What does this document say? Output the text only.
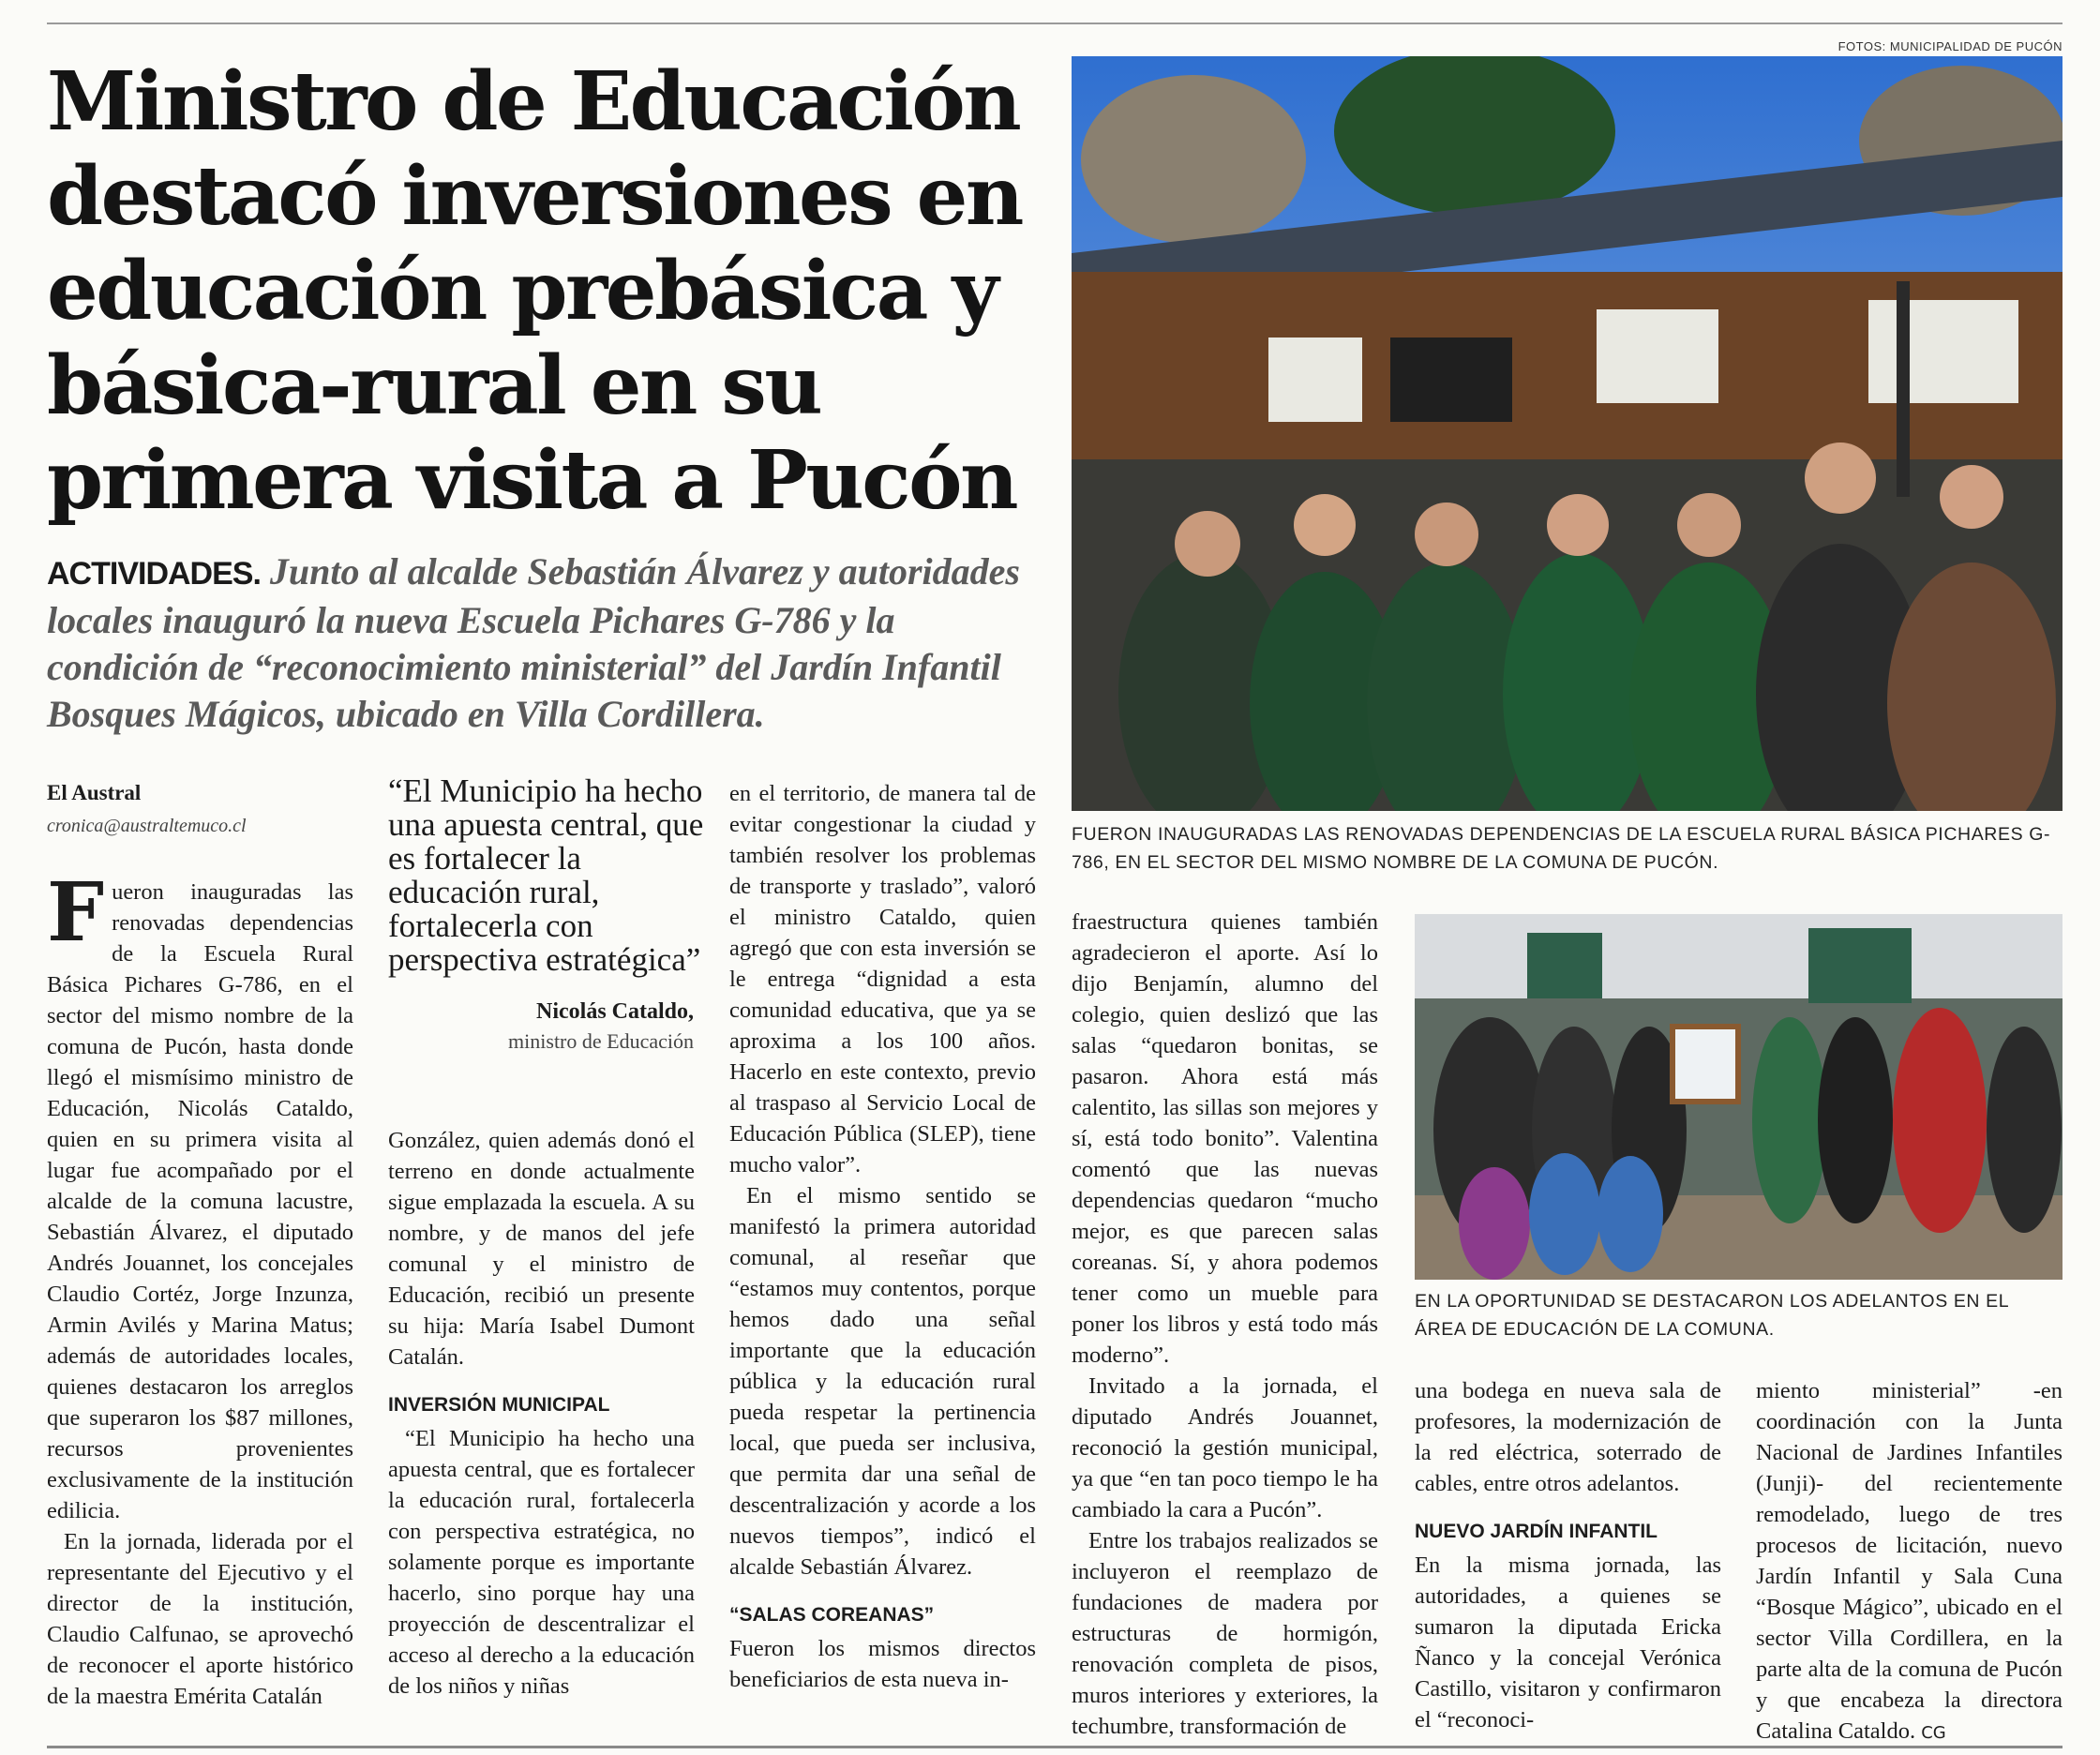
Ministro de Educación destacó inversiones en educación prebásica y básica-rural en su primera visita a Pucón

ACTIVIDADES. Junto al alcalde Sebastián Álvarez y autoridades locales inauguró la nueva Escuela Pichares G-786 y la condición de “reconocimiento ministerial” del Jardín Infantil Bosques Mágicos, ubicado en Villa Cordillera.

El Austral
cronica@australtemuco.cl
F ueron inauguradas las renovadas dependencias de la Escuela Rural Básica Pichares G-786, en el sector del mismo nombre de la comuna de Pucón, hasta donde llegó el mismísimo ministro de Educación, Nicolás Cataldo, quien en su primera visita al lugar fue acompañado por el alcalde de la comuna lacustre, Sebastián Álvarez, el diputado Andrés Jouannet, los concejales Claudio Cortéz, Jorge Inzunza, Armin Avilés y Marina Matus; además de autoridades locales, quienes destacaron los arreglos que superaron los $87 millones, recursos provenientes exclusivamente de la institución edilicia.

En la jornada, liderada por el representante del Ejecutivo y el director de la institución, Claudio Calfunao, se aprovechó de reconocer el aporte histórico de la maestra Emérita Catalán

“El Municipio ha hecho una apuesta central, que es fortalecer la educación rural, fortalecerla con perspectiva estratégica”
Nicolás Cataldo,
ministro de Educación

González, quien además donó el terreno en donde actualmente sigue emplazada la escuela. A su nombre, y de manos del jefe comunal y el ministro de Educación, recibió un presente su hija: María Isabel Dumont Catalán.

INVERSIÓN MUNICIPAL

“El Municipio ha hecho una apuesta central, que es fortalecer la educación rural, fortalecerla con perspectiva estratégica, no solamente porque es importante hacerlo, sino porque hay una proyección de descentralizar el acceso al derecho a la educación de los niños y niñas

en el territorio, de manera tal de evitar congestionar la ciudad y también resolver los problemas de transporte y traslado”, valoró el ministro Cataldo, quien agregó que con esta inversión se le entrega “dignidad a esta comunidad educativa, que ya se aproxima a los 100 años. Hacerlo en este contexto, previo al traspaso al Servicio Local de Educación Pública (SLEP), tiene mucho valor”.

En el mismo sentido se manifestó la primera autoridad comunal, al reseñar que “estamos muy contentos, porque hemos dado una señal importante que la educación pública y la educación rural pueda respetar la pertinencia local, que pueda ser inclusiva, que permita dar una señal de descentralización y acorde a los nuevos tiempos”, indicó el alcalde Sebastián Álvarez.

“SALAS COREANAS”

Fueron los mismos directos beneficiarios de esta nueva in-

FOTOS: MUNICIPALIDAD DE PUCÓN
FUERON INAUGURADAS LAS RENOVADAS DEPENDENCIAS DE LA ESCUELA RURAL BÁSICA PICHARES G-786, EN EL SECTOR DEL MISMO NOMBRE DE LA COMUNA DE PUCÓN.

fraestructura quienes también agradecieron el aporte. Así lo dijo Benjamín, alumno del colegio, quien deslizó que las salas “quedaron bonitas, se pasaron. Ahora está más calentito, las sillas son mejores y sí, está todo bonito”. Valentina comentó que las nuevas dependencias quedaron “mucho mejor, es que parecen salas coreanas. Sí, y ahora podemos tener como un mueble para poner los libros y está todo más moderno”.

Invitado a la jornada, el diputado Andrés Jouannet, reconoció la gestión municipal, ya que “en tan poco tiempo le ha cambiado la cara a Pucón”.

Entre los trabajos realizados se incluyeron el reemplazo de fundaciones de madera por estructuras de hormigón, renovación completa de pisos, muros interiores y exteriores, la techumbre, transformación de

EN LA OPORTUNIDAD SE DESTACARON LOS ADELANTOS EN EL ÁREA DE EDUCACIÓN DE LA COMUNA.

una bodega en nueva sala de profesores, la modernización de la red eléctrica, soterrado de cables, entre otros adelantos.

NUEVO JARDÍN INFANTIL

En la misma jornada, las autoridades, a quienes se sumaron la diputada Ericka Ñanco y la concejal Verónica Castillo, visitaron y confirmaron el “reconoci-

miento ministerial” -en coordinación con la Junta Nacional de Jardines Infantiles (Junji)- del recientemente remodelado, luego de tres procesos de licitación, nuevo Jardín Infantil y Sala Cuna “Bosque Mágico”, ubicado en el sector Villa Cordillera, en la parte alta de la comuna de Pucón y que encabeza la directora Catalina Cataldo. CG
